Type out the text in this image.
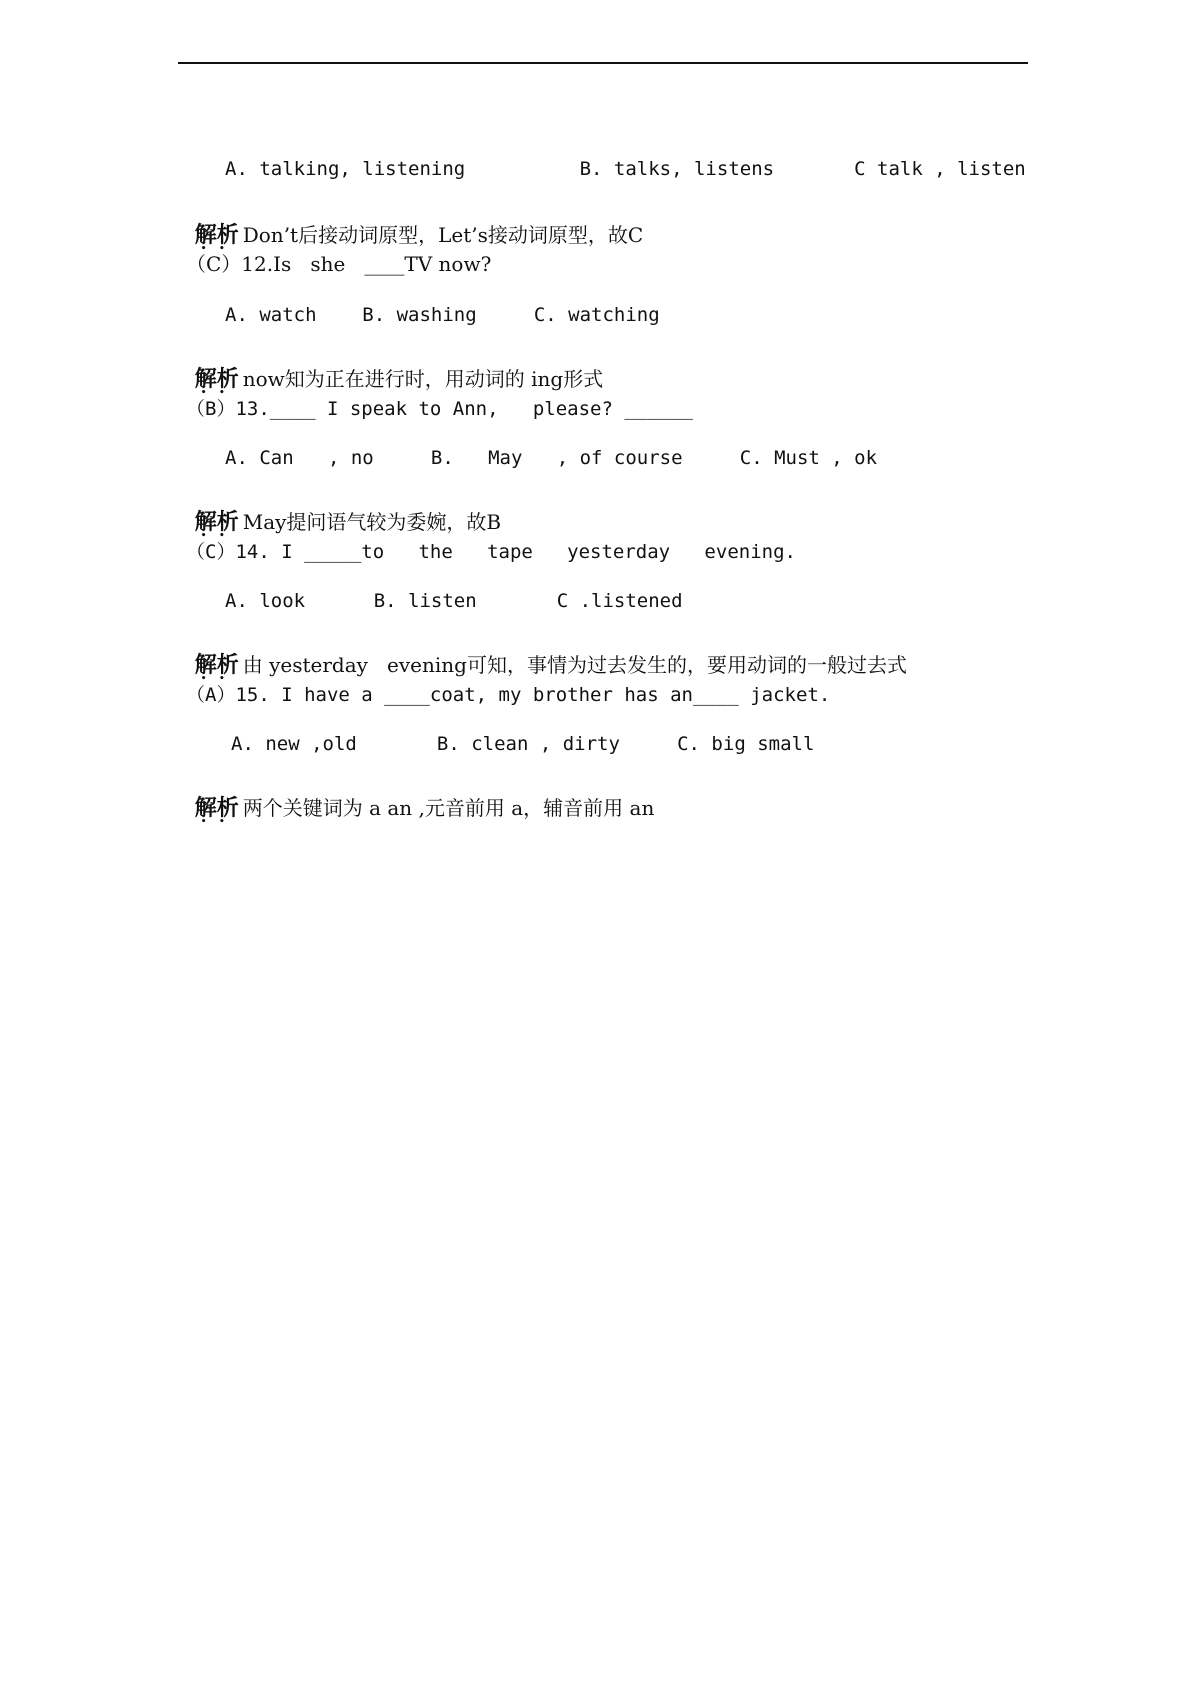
A. talking, listening          B. talks, listens       C talk , listen

解析 •    • Don’t后接动词原型，Let’s接动词原型，故C

（C）12.Is   she   ____TV now?
A. watch    B. washing     C. watching

解析 •    • now知为正在进行时，用动词的 ing形式

（B）13.____ I speak to Ann,   please? ______
A. Can   , no     B.   May   , of course     C. Must , ok

解析 •    • May提问语气较为委婉，故B

（C）14. I _____to   the   tape   yesterday   evening.
A. look      B. listen       C .listened

解析 •    • 由 yesterday   evening可知，事情为过去发生的，要用动词的一般过去式

（A）15. I have a ____coat, my brother has an____ jacket.
A. new ,old       B. clean , dirty     C. big small

解析 •    • 两个关键词为 a an ,元音前用 a，辅音前用 an
